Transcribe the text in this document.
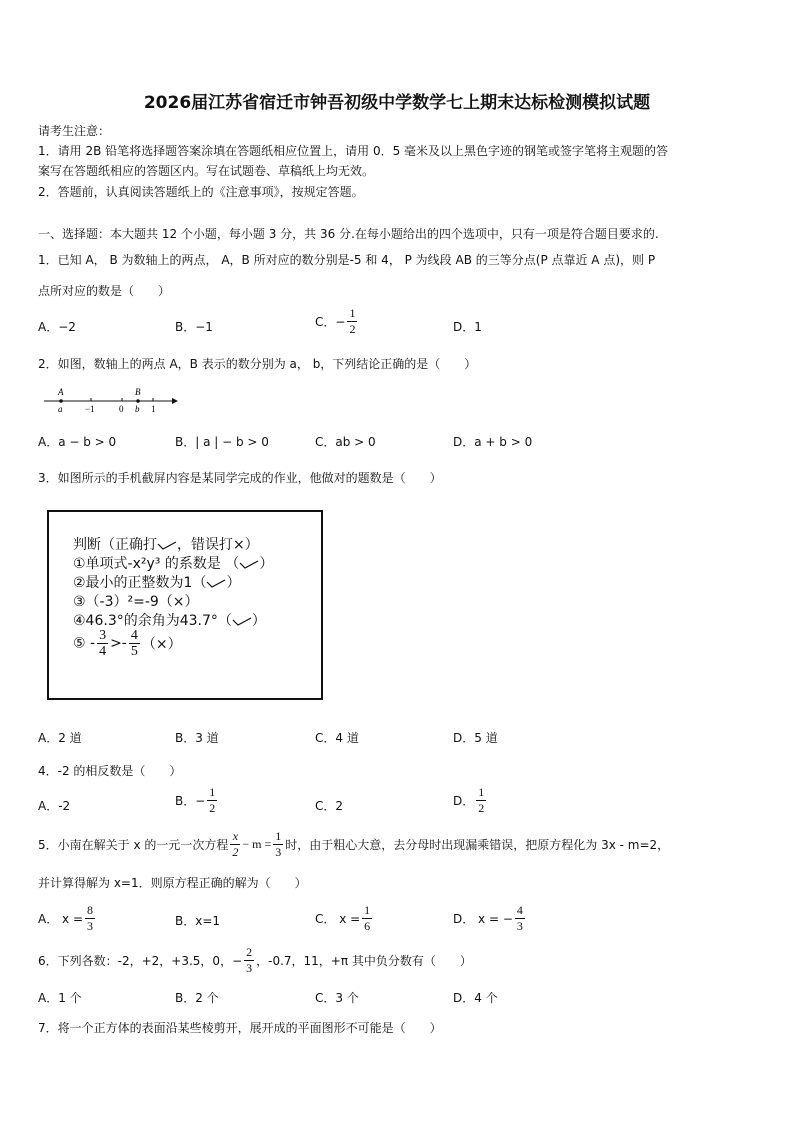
2026届江苏省宿迁市钟吾初级中学数学七上期末达标检测模拟试题
请考生注意：
1．请用 2B 铅笔将选择题答案涂填在答题纸相应位置上，请用 0．5 毫米及以上黑色字迹的钢笔或签字笔将主观题的答
案写在答题纸相应的答题区内。写在试题卷、草稿纸上均无效。
2．答题前，认真阅读答题纸上的《注意事项》，按规定答题。
一、选择题：本大题共 12 个小题，每小题 3 分，共 36 分.在每小题给出的四个选项中，只有一项是符合题目要求的.
1．已知 A， B 为数轴上的两点， A，B 所对应的数分别是-5 和 4， P 为线段 AB 的三等分点(P 点靠近 A 点)，则 P
点所对应的数是（　　）
A．−2	B．−1	C．− $\frac{1}{2}$	D．1
2．如图，数轴上的两点 A，B 表示的数分别为 a， b，下列结论正确的是（　　）
A	B
a	−1	0 b 1
A．a − b > 0	B．| a | − b > 0	C．ab > 0	D．a + b > 0
3．如图所示的手机截屏内容是某同学完成的作业，他做对的题数是（　　）
判断（正确打 ，错误打×）
①单项式-x²y³ 的系数是 （ ）
②最小的正整数为1（ ）
③（-3）²=-9（×）
④46.3°的余角为43.7°（ ）
⑤ - $\frac{3}{4} >- \frac{4}{5}$ （×）
A．2 道	B．3 道	C．4 道	D．5 道
4．-2 的相反数是（　　）
A．-2	B．− $\frac{1}{2}$	C．2	D． $\frac{1}{2}$
5．小南在解关于 x 的一元一次方程 $\frac{x}{2} - m = \frac{1}{3}$ 时，由于粗心大意，去分母时出现漏乘错误，把原方程化为 3x - m=2，
并计算得解为 x=1．则原方程正确的解为（　　）
A． $x = \frac{8}{3}$	B．x=1	C． $x = \frac{1}{6}$	D． x = − $\frac{4}{3}$
6．下列各数：-2，+2，+3.5，0，− $\frac{2}{3}$ ，-0.7，11，+π 其中负分数有（　　）
A．1 个	B．2 个	C．3 个	D．4 个
7．将一个正方体的表面沿某些棱剪开，展开成的平面图形不可能是（　　）
